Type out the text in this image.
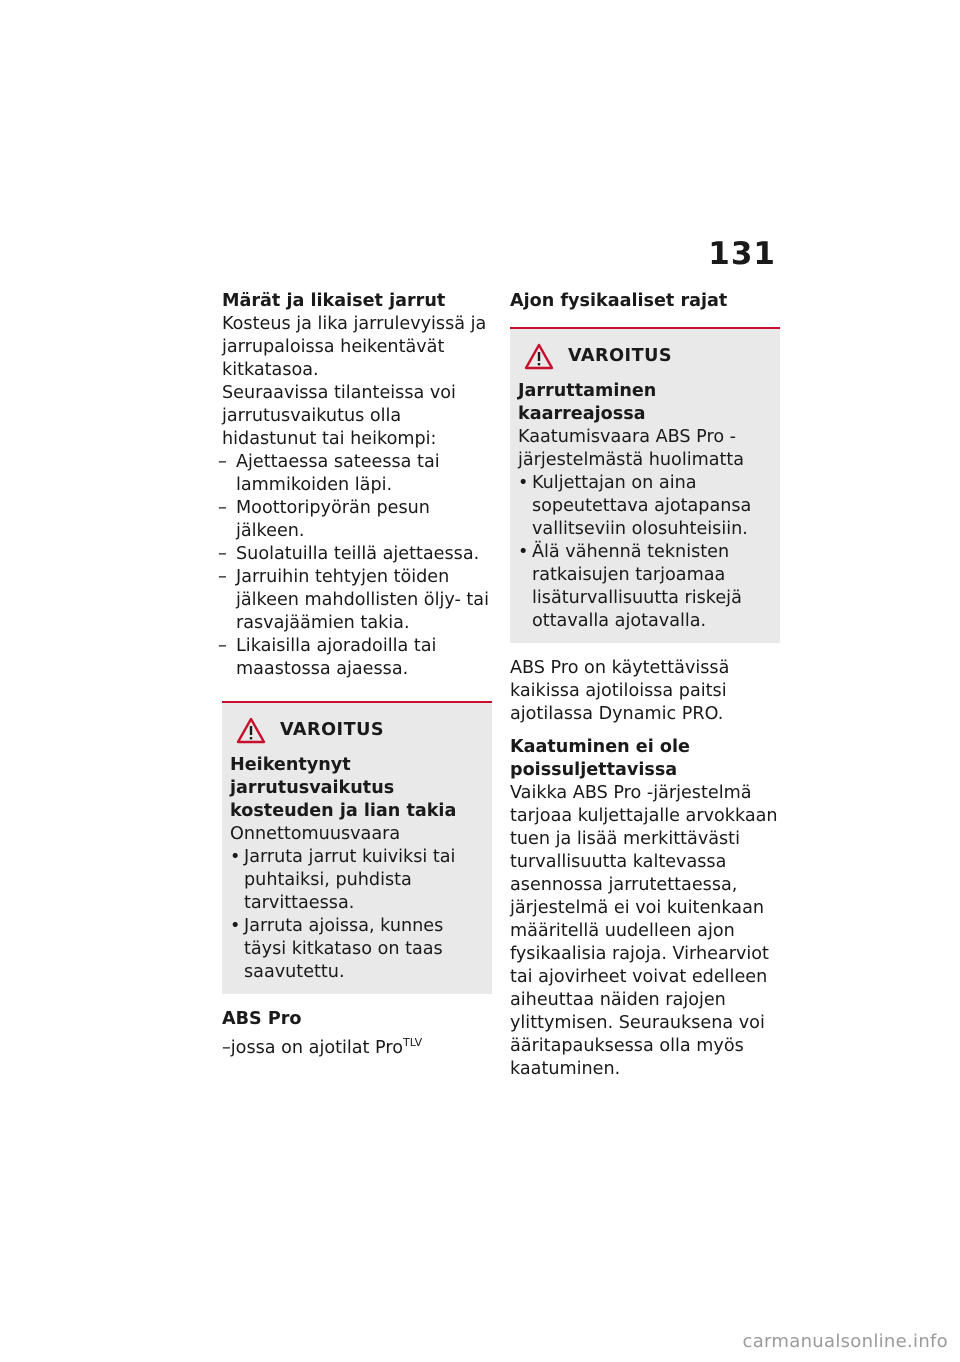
131

Märät ja likaiset jarrut

Kosteus ja lika jarrulevyissä ja jarrupaloissa heikentävät kitkatasoa.

Seuraavissa tilanteissa voi jarrutusvaikutus olla hidastunut tai heikompi:

– Ajettaessa sateessa tai lammikoiden läpi.
– Moottoripyörän pesun jälkeen.
– Suolatuilla teillä ajettaessa.
– Jarruihin tehtyjen töiden jälkeen mahdollisten öljy- tai rasvajäämien takia.
– Likaisilla ajoradoilla tai maastossa ajaessa.
VAROITUS

Heikentynyt jarrutusvaikutus kosteuden ja lian takia

Onnettomuusvaara

• Jarruta jarrut kuiviksi tai puhtaiksi, puhdista tarvittaessa.
• Jarruta ajoissa, kunnes täysi kitkataso on taas saavutettu.

ABS Pro

–jossa on ajotilat Pro$^{TLV}$

Ajon fysikaaliset rajat

VAROITUS

Jarruttaminen kaarreajossa

Kaatumisvaara ABS Pro -järjestelmästä huolimatta

• Kuljettajan on aina sopeutettava ajotapansa vallitseviin olosuhteisiin.
• Älä vähennä teknisten ratkaisujen tarjoamaa lisäturvallisuutta riskejä ottavalla ajotavalla.

ABS Pro on käytettävissä kaikissa ajotiloissa paitsi ajotilassa Dynamic PRO.

Kaatuminen ei ole poissuljettavissa

Vaikka ABS Pro -järjestelmä tarjoaa kuljettajalle arvokkaan tuen ja lisää merkittävästi turvallisuutta kaltevassa asennossa jarrutettaessa, järjestelmä ei voi kuitenkaan määritellä uudelleen ajon fysikaalisia rajoja. Virhearviot tai ajovirheet voivat edelleen aiheuttaa näiden rajojen ylittymisen. Seurauksena voi ääritapauksessa olla myös kaatuminen.

carmanualsonline.info
